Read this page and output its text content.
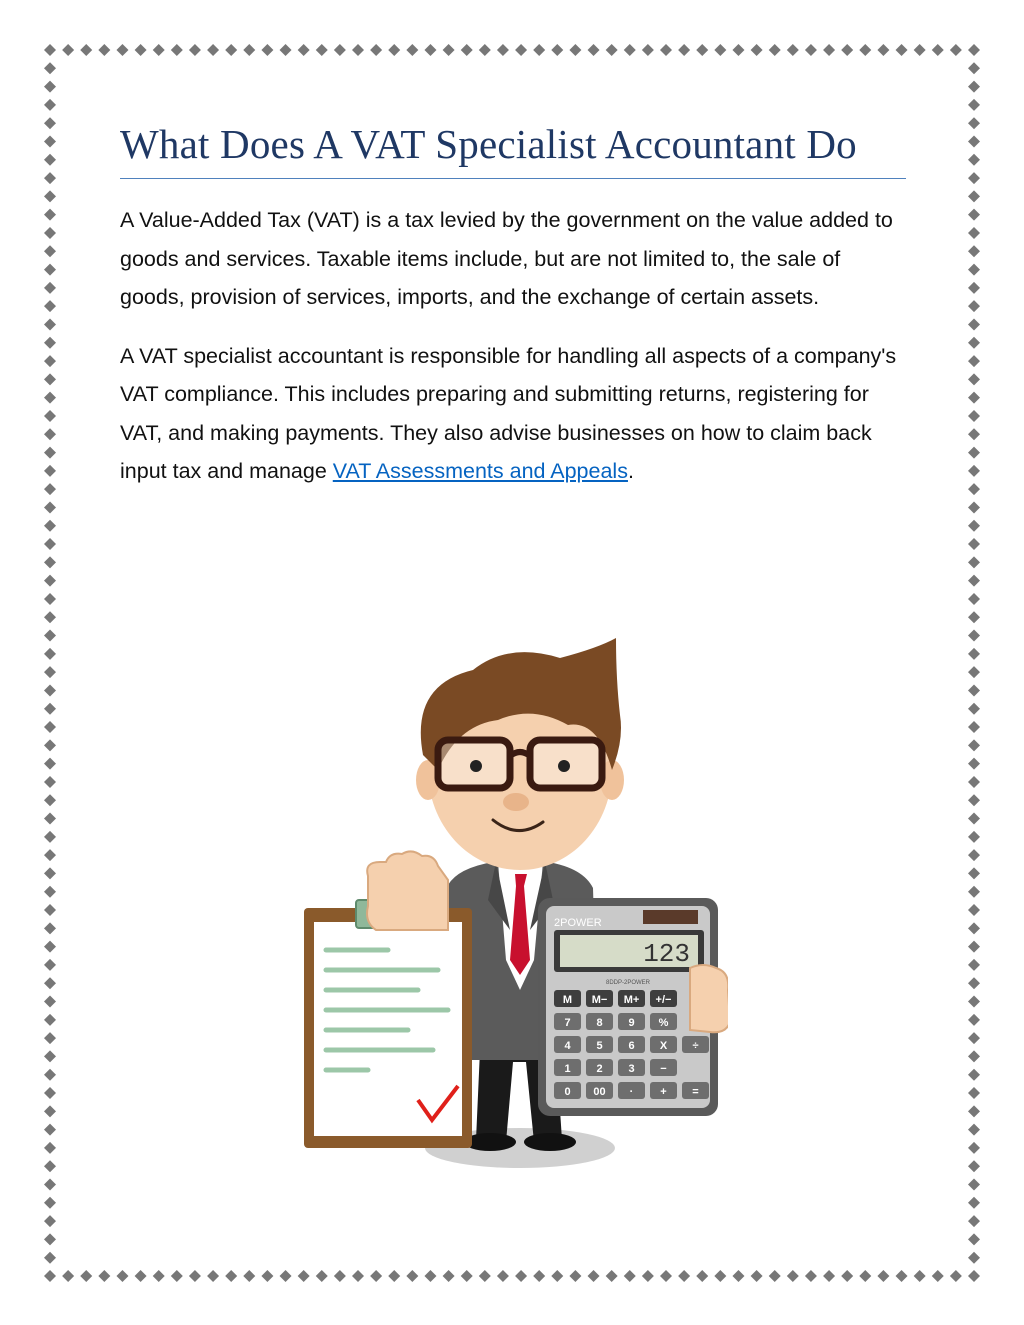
What Does A VAT Specialist Accountant Do

A Value-Added Tax (VAT) is a tax levied by the government on the value added to goods and services. Taxable items include, but are not limited to, the sale of goods, provision of services, imports, and the exchange of certain assets.

A VAT specialist accountant is responsible for handling all aspects of a company's VAT compliance. This includes preparing and submitting returns, registering for VAT, and making payments. They also advise businesses on how to claim back input tax and manage VAT Assessments and Appeals.

2POWER
123
8DDP-2POWER
M M− M+ +/−
7 8 9 %
4 5 6 X ÷
1 2 3 −
0 00 · + =
